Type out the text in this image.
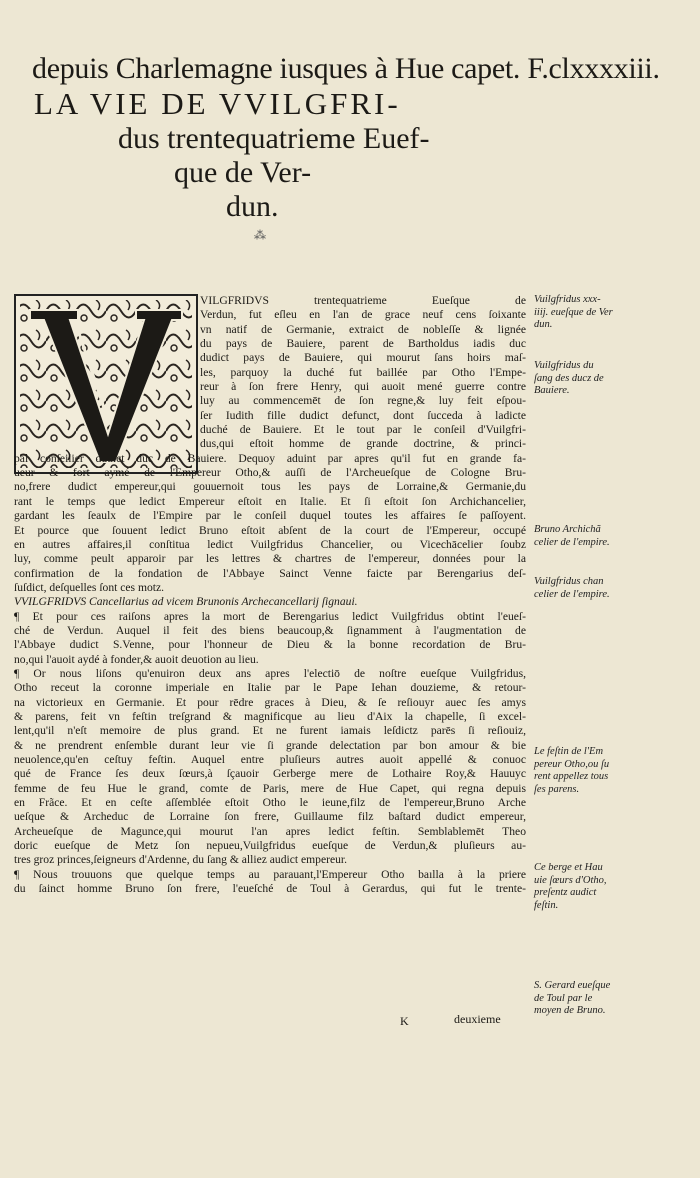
depuis Charlemagne iusques à Hue capet. F.clxxxxiii.
LA VIE DE VVILGFRI-
dus trentequatrieme Euef-
que de Ver-
dun.
⁂
VILGFRIDVS trentequatrieme Eueſque de
Verdun, fut eſleu en l'an de grace neuf cens ſoixante
vn natif de Germanie, extraict de nobleſſe & lignée
du pays de Bauiere, parent de Bartholdus iadis duc
dudict pays de Bauiere, qui mourut ſans hoirs maſ-
les, parquoy la duché fut baillée par Otho l'Empe-
reur à ſon frere Henry, qui auoit mené guerre contre
luy au commencemēt de ſon regne,& luy feit eſpou-
ſer Iudith fille dudict defunct, dont ſucceda à ladicte
duché de Bauiere. Et le tout par le conſeil d'Vuilgfri-
dus,qui eſtoit homme de grande doctrine, & princi-
pal conſeilier dudict duc de Bauiere. Dequoy aduint par apres qu'il fut en grande fa-
ueur & fort aymé de l'Empereur Otho,& auſſi de l'Archeueſque de Cologne Bru-
no,frere dudict empereur,qui gouuernoit tous les pays de Lorraine,& Germanie,du
rant le temps que ledict Empereur eſtoit en Italie. Et ſi eſtoit ſon Archichancelier,
gardant les ſeaulx de l'Empire par le conſeil duquel toutes les affaires ſe paſſoyent.
Et pource que ſouuent ledict Bruno eſtoit abſent de la court de l'Empereur, occupé
en autres affaires,il conſtitua ledict Vuilgfridus Chancelier, ou Vicechācelier ſoubz
luy, comme peult apparoir par les lettres & chartres de l'empereur, données pour la
confirmation de la fondation de l'Abbaye Sainct Venne faicte par Berengarius deſ-
ſuſdict, deſquelles ſont ces motz.
VVILGFRIDVS Cancellarius ad vicem Brunonis Archecancellarij ſignaui.
¶ Et pour ces raiſons apres la mort de Berengarius ledict Vuilgfridus obtint l'eueſ-
ché de Verdun. Auquel il feit des biens beaucoup,& ſignamment à l'augmentation de
l'Abbaye dudict S.Venne, pour l'honneur de Dieu & la bonne recordation de Bru-
no,qui l'auoit aydé à fonder,& auoit deuotion au lieu.
¶ Or nous liſons qu'enuiron deux ans apres l'electiō de noſtre eueſque Vuilgfridus,
Otho receut la coronne imperiale en Italie par le Pape Iehan douzieme, & retour-
na victorieux en Germanie. Et pour rēdre graces à Dieu, & ſe reſiouyr auec ſes amys
& parens, feit vn feſtin treſgrand & magnificque au lieu d'Aix la chapelle, ſi excel-
lent,qu'il n'eſt memoire de plus grand. Et ne furent iamais leſdictz parēs ſi reſiouiz,
& ne prendrent enſemble durant leur vie ſi grande delectation par bon amour & bie
neuolence,qu'en ceſtuy feſtin. Auquel entre pluſieurs autres auoit appellé & conuoc
qué de France ſes deux ſœurs,à ſçauoir Gerberge mere de Lothaire Roy,& Hauuyc
femme de feu Hue le grand, comte de Paris, mere de Hue Capet, qui regna depuis
en Frãce. Et en ceſte aſſemblée eſtoit Otho le ieune,filz de l'empereur,Bruno Arche
ueſque & Archeduc de Lorraine ſon frere, Guillaume filz baſtard dudict empereur,
Archeueſque de Magunce,qui mourut l'an apres ledict feſtin. Semblablemēt Theo
doric eueſque de Metz ſon nepueu,Vuilgfridus eueſque de Verdun,& pluſieurs au-
tres groz princes,ſeigneurs d'Ardenne, du ſang & alliez audict empereur.
¶ Nous trouuons que quelque temps au parauant,l'Empereur Otho baılla à la priere
du ſainct homme Bruno ſon frere, l'eueſché de Toul à Gerardus, qui fut le trente-
Vuilgfridus xxx-
iiij. eueſque de Ver
dun.
Vuilgfridus du
ſang des ducz de
Bauiere.
Bruno Archichã
celier de l'empire.
Vuilgfridus chan
celier de l'empire.
Le feſtin de l'Em
pereur Otho,ou ſu
rent appellez tous
ſes parens.
Ce berge et Hau
uie ſœurs d'Otho,
preſentz audict
feſtin.
S. Gerard eueſque
de Toul par le
moyen de Bruno.
K	deuxieme
